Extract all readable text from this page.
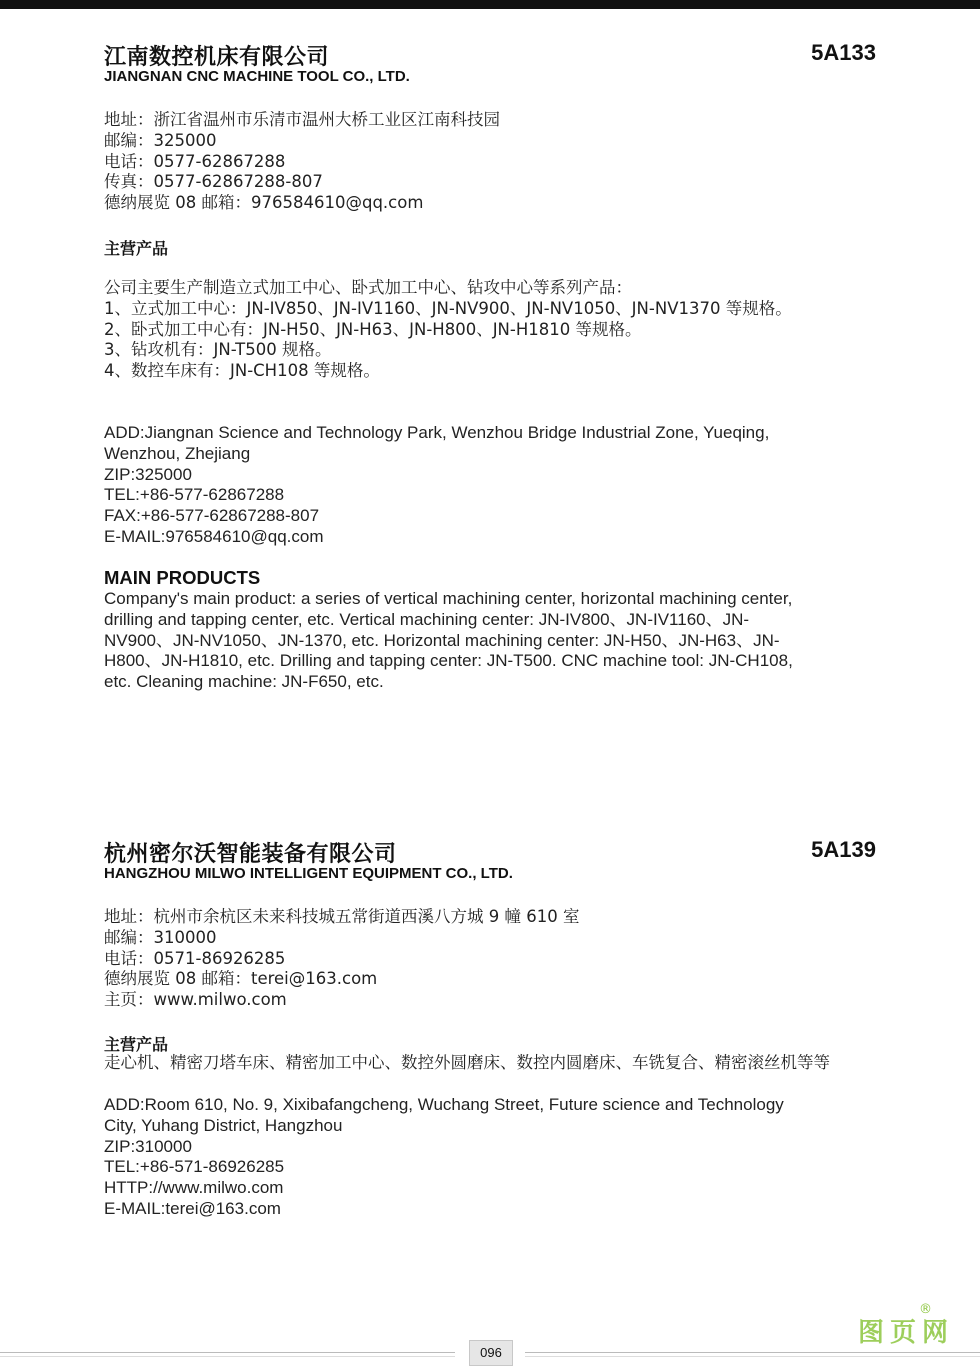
江南数控机床有限公司	5A133
JIANGNAN CNC MACHINE TOOL CO., LTD.
地址：浙江省温州市乐清市温州大桥工业区江南科技园
邮编：325000
电话：0577-62867288
传真：0577-62867288-807
德纳展览 08 邮箱：976584610@qq.com
主营产品
公司主要生产制造立式加工中心、卧式加工中心、钻攻中心等系列产品：
1、立式加工中心：JN-IV850、JN-IV1160、JN-NV900、JN-NV1050、JN-NV1370 等规格。
2、卧式加工中心有：JN-H50、JN-H63、JN-H800、JN-H1810 等规格。
3、钻攻机有：JN-T500 规格。
4、数控车床有：JN-CH108 等规格。
ADD:Jiangnan Science and Technology Park, Wenzhou Bridge Industrial Zone, Yueqing,
Wenzhou, Zhejiang
ZIP:325000
TEL:+86-577-62867288
FAX:+86-577-62867288-807
E-MAIL:976584610@qq.com
MAIN PRODUCTS
Company's main product: a series of vertical machining center, horizontal machining center,
drilling and tapping center, etc. Vertical machining center: JN-IV800、JN-IV1160、JN-
NV900、JN-NV1050、JN-1370, etc. Horizontal machining center: JN-H50、JN-H63、JN-
H800、JN-H1810, etc. Drilling and tapping center: JN-T500. CNC machine tool: JN-CH108,
etc. Cleaning machine: JN-F650, etc.
杭州密尔沃智能装备有限公司	5A139
HANGZHOU MILWO INTELLIGENT EQUIPMENT CO., LTD.
地址：杭州市余杭区未来科技城五常街道西溪八方城 9 幢 610 室
邮编：310000
电话：0571-86926285
德纳展览 08 邮箱：terei@163.com
主页：www.milwo.com
主营产品
走心机、精密刀塔车床、精密加工中心、数控外圆磨床、数控内圆磨床、车铣复合、精密滚丝机等等
ADD:Room 610, No. 9, Xixibafangcheng, Wuchang Street, Future science and Technology
City, Yuhang District, Hangzhou
ZIP:310000
TEL:+86-571-86926285
HTTP://www.milwo.com
E-MAIL:terei@163.com
096
图页网
®
